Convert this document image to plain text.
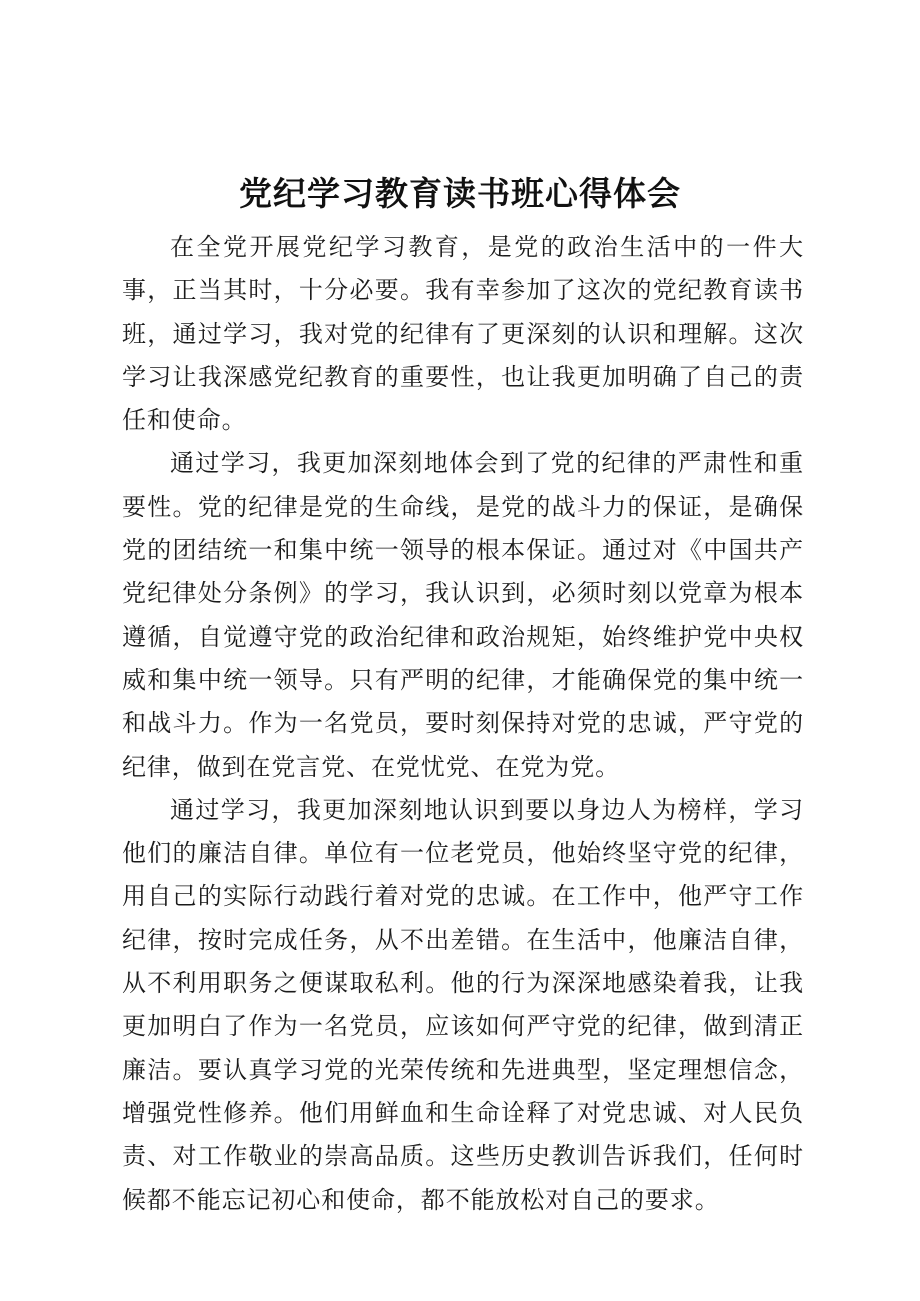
党纪学习教育读书班心得体会

在全党开展党纪学习教育，是党的政治生活中的一件大事，正当其时，十分必要。我有幸参加了这次的党纪教育读书班，通过学习，我对党的纪律有了更深刻的认识和理解。这次学习让我深感党纪教育的重要性，也让我更加明确了自己的责任和使命。

通过学习，我更加深刻地体会到了党的纪律的严肃性和重要性。党的纪律是党的生命线，是党的战斗力的保证，是确保党的团结统一和集中统一领导的根本保证。通过对《中国共产党纪律处分条例》的学习，我认识到，必须时刻以党章为根本遵循，自觉遵守党的政治纪律和政治规矩，始终维护党中央权威和集中统一领导。只有严明的纪律，才能确保党的集中统一和战斗力。作为一名党员，要时刻保持对党的忠诚，严守党的纪律，做到在党言党、在党忧党、在党为党。

通过学习，我更加深刻地认识到要以身边人为榜样，学习他们的廉洁自律。单位有一位老党员，他始终坚守党的纪律，用自己的实际行动践行着对党的忠诚。在工作中，他严守工作纪律，按时完成任务，从不出差错。在生活中，他廉洁自律，从不利用职务之便谋取私利。他的行为深深地感染着我，让我更加明白了作为一名党员，应该如何严守党的纪律，做到清正廉洁。要认真学习党的光荣传统和先进典型，坚定理想信念，增强党性修养。他们用鲜血和生命诠释了对党忠诚、对人民负责、对工作敬业的崇高品质。这些历史教训告诉我们，任何时候都不能忘记初心和使命，都不能放松对自己的要求。
